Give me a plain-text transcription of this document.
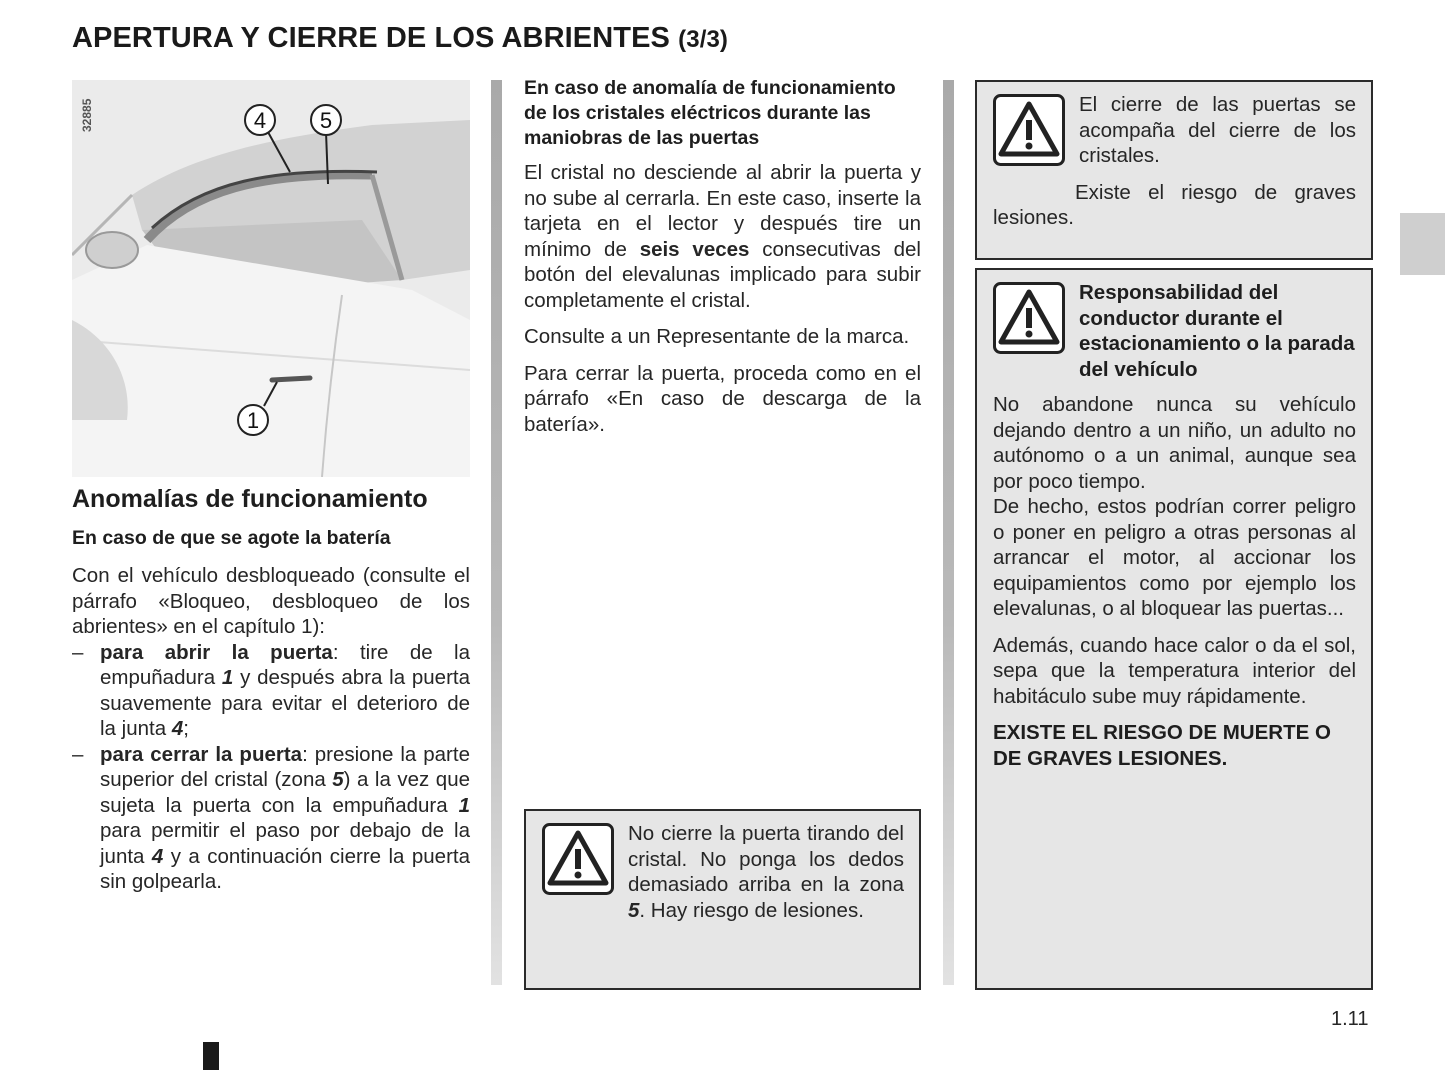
APERTURA Y CIERRE DE LOS ABRIENTES (3/3)
4 5
1
32885
Anomalías de funcionamiento
En caso de que se agote la batería

Con el vehículo desbloqueado (consulte el párrafo «Bloqueo, desbloqueo de los abrientes» en el capítulo 1):

– para abrir la puerta: tire de la empuñadura 1 y después abra la puerta suavemente para evitar el deterioro de la junta 4;
– para cerrar la puerta: presione la parte superior del cristal (zona 5) a la vez que sujeta la puerta con la empuñadura 1 para permitir el paso por debajo de la junta 4 y a continuación cierre la puerta sin golpearla.
En caso de anomalía de funcionamiento de los cristales eléctricos durante las maniobras de las puertas

El cristal no desciende al abrir la puerta y no sube al cerrarla. En este caso, inserte la tarjeta en el lector y después tire un mínimo de seis veces consecutivas del botón del elevalunas implicado para subir completamente el cristal.

Consulte a un Representante de la marca.

Para cerrar la puerta, proceda como en el párrafo «En caso de descarga de la batería».

No cierre la puerta tirando del cristal. No ponga los dedos demasiado arriba en la zona 5. Hay riesgo de lesiones.

El cierre de las puertas se acompaña del cierre de los cristales.

Existe el riesgo de graves lesiones.

Responsabilidad del conductor durante el estacionamiento o la parada del vehículo

No abandone nunca su vehículo dejando dentro a un niño, un adulto no autónomo o a un animal, aunque sea por poco tiempo.

De hecho, estos podrían correr peligro o poner en peligro a otras personas al arrancar el motor, al accionar los equipamientos como por ejemplo los elevalunas, o al bloquear las puertas...

Además, cuando hace calor o da el sol, sepa que la temperatura interior del habitáculo sube muy rápidamente.

EXISTE EL RIESGO DE MUERTE O DE GRAVES LESIONES.

1.11
